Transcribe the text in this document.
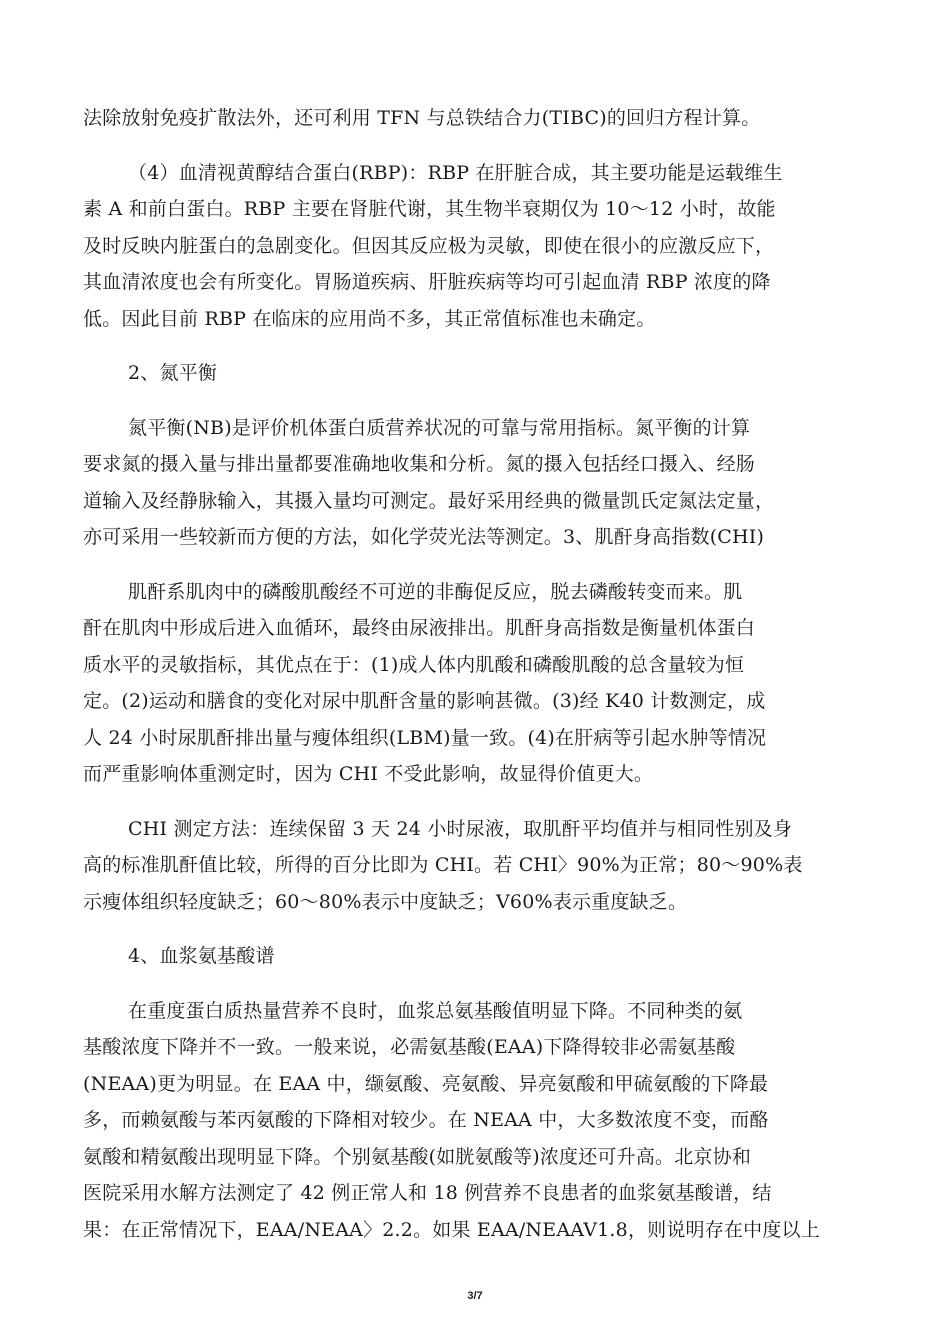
法除放射免疫扩散法外，还可利用 TFN 与总铁结合力(TIBC)的回归方程计算。

（4）血清视黄醇结合蛋白(RBP)：RBP 在肝脏合成，其主要功能是运载维生
素 A 和前白蛋白。RBP 主要在肾脏代谢，其生物半衰期仅为 10〜12 小时，故能
及时反映内脏蛋白的急剧变化。但因其反应极为灵敏，即使在很小的应激反应下，
其血清浓度也会有所变化。胃肠道疾病、肝脏疾病等均可引起血清 RBP 浓度的降
低。因此目前 RBP 在临床的应用尚不多，其正常值标准也未确定。

2、氮平衡

氮平衡(NB)是评价机体蛋白质营养状况的可靠与常用指标。氮平衡的计算
要求氮的摄入量与排出量都要准确地收集和分析。氮的摄入包括经口摄入、经肠
道输入及经静脉输入，其摄入量均可测定。最好采用经典的微量凯氏定氮法定量，
亦可采用一些较新而方便的方法，如化学荧光法等测定。3、肌酐身高指数(CHI)

肌酐系肌肉中的磷酸肌酸经不可逆的非酶促反应，脱去磷酸转变而来。肌
酐在肌肉中形成后进入血循环，最终由尿液排出。肌酐身高指数是衡量机体蛋白
质水平的灵敏指标，其优点在于：(1)成人体内肌酸和磷酸肌酸的总含量较为恒
定。(2)运动和膳食的变化对尿中肌酐含量的影响甚微。(3)经 K40 计数测定，成
人 24 小时尿肌酐排出量与瘦体组织(LBM)量一致。(4)在肝病等引起水肿等情况
而严重影响体重测定时，因为 CHI 不受此影响，故显得价值更大。

CHI 测定方法：连续保留 3 天 24 小时尿液，取肌酐平均值并与相同性别及身
高的标准肌酐值比较，所得的百分比即为 CHI。若 CHI〉90%为正常；80〜90%表
示瘦体组织轻度缺乏；60〜80%表示中度缺乏；V60%表示重度缺乏。

4、血浆氨基酸谱

在重度蛋白质热量营养不良时，血浆总氨基酸值明显下降。不同种类的氨
基酸浓度下降并不一致。一般来说，必需氨基酸(EAA)下降得较非必需氨基酸
(NEAA)更为明显。在 EAA 中，缬氨酸、亮氨酸、异亮氨酸和甲硫氨酸的下降最
多，而赖氨酸与苯丙氨酸的下降相对较少。在 NEAA 中，大多数浓度不变，而酪
氨酸和精氨酸出现明显下降。个别氨基酸(如胱氨酸等)浓度还可升高。北京协和
医院采用水解方法测定了 42 例正常人和 18 例营养不良患者的血浆氨基酸谱，结
果：在正常情况下，EAA/NEAA〉2.2。如果 EAA/NEAAV1.8，则说明存在中度以上

3/7
